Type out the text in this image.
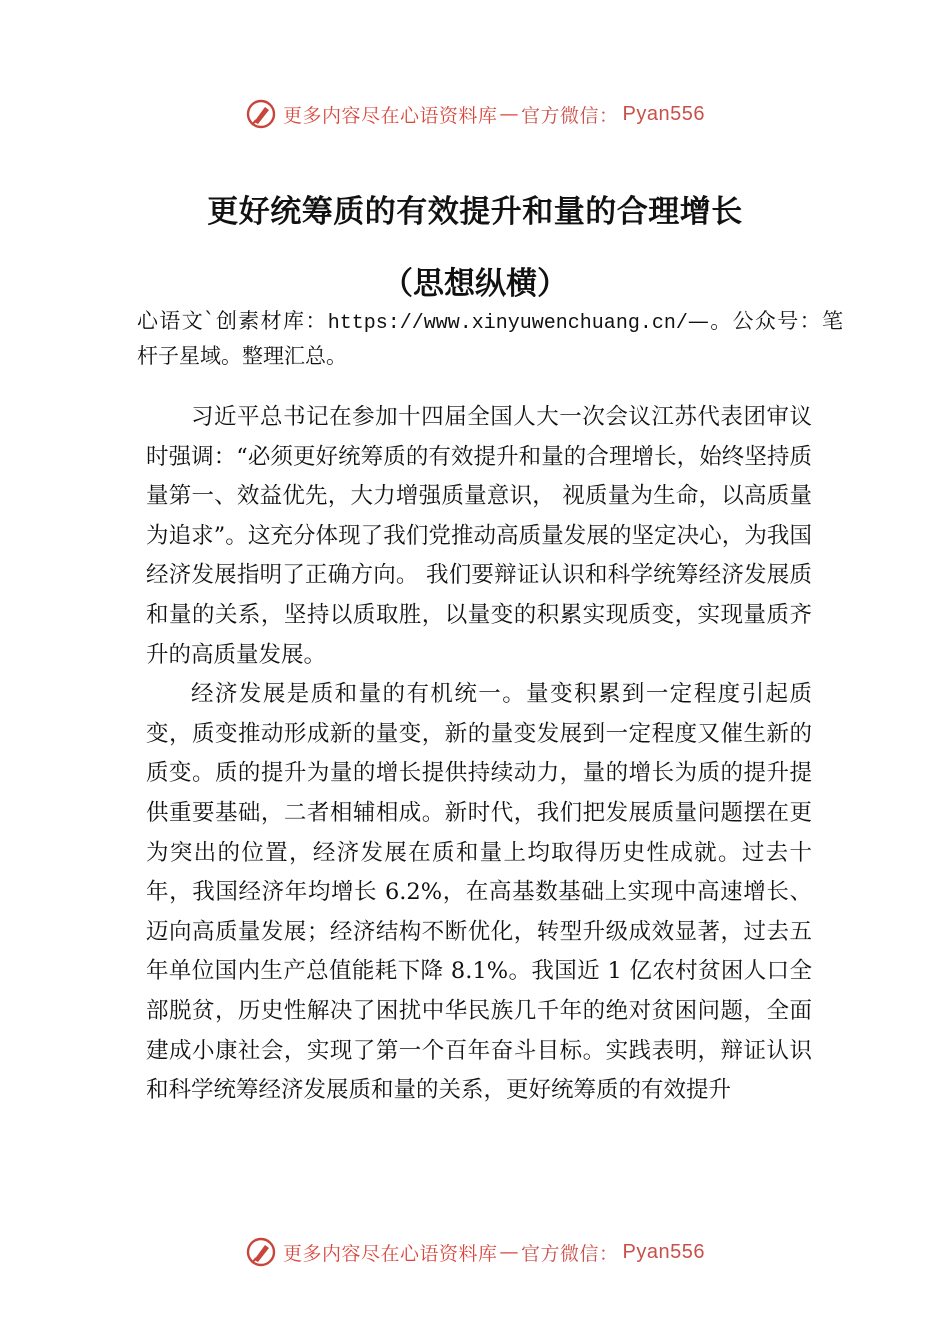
更多内容尽在心语资料库 — 官方微信： Pyan556
更好统筹质的有效提升和量的合理增长
（思想纵横）
心语文`创素材库：https://www.xinyuwenchuang.cn/—。公众号：笔杆子星域。整理汇总。

习近平总书记在参加十四届全国人大一次会议江苏代表团审议时强调：“必须更好统筹质的有效提升和量的合理增长，始终坚持质量第一、效益优先，大力增强质量意识， 视质量为生命，以高质量为追求”。这充分体现了我们党推动高质量发展的坚定决心，为我国经济发展指明了正确方向。 我们要辩证认识和科学统筹经济发展质和量的关系，坚持以质取胜，以量变的积累实现质变，实现量质齐升的高质量发展。

经济发展是质和量的有机统一。量变积累到一定程度引起质变，质变推动形成新的量变，新的量变发展到一定程度又催生新的质变。质的提升为量的增长提供持续动力，量的增长为质的提升提供重要基础，二者相辅相成。新时代，我们把发展质量问题摆在更为突出的位置，经济发展在质和量上均取得历史性成就。过去十年，我国经济年均增长 6.2%，在高基数基础上实现中高速增长、迈向高质量发展；经济结构不断优化，转型升级成效显著，过去五年单位国内生产总值能耗下降 8.1%。我国近 1 亿农村贫困人口全部脱贫，历史性解决了困扰中华民族几千年的绝对贫困问题，全面建成小康社会，实现了第一个百年奋斗目标。实践表明，辩证认识和科学统筹经济发展质和量的关系，更好统筹质的有效提升

更多内容尽在心语资料库 — 官方微信： Pyan556
